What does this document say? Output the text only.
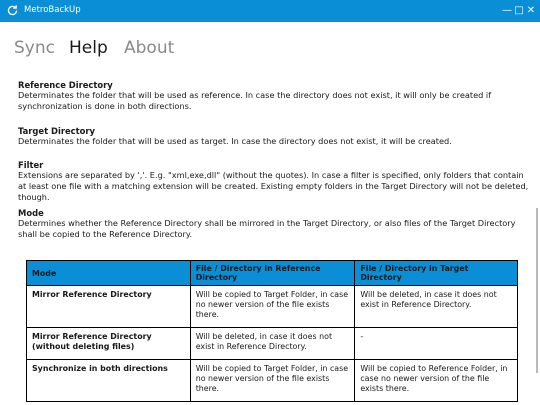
MetroBackUp	— □ ✕
Sync Help About
Reference Directory
Determinates the folder that will be used as reference. In case the directory does not exist, it will only be created if synchronization is done in both directions.
Target Directory
Determinates the folder that will be used as target. In case the directory does not exist, it will be created.
Filter
Extensions are separated by ','. E.g. "xml,exe,dll" (without the quotes). In case a filter is specified, only folders that contain at least one file with a matching extension will be created. Existing empty folders in the Target Directory will not be deleted, though.
Mode
Determines whether the Reference Directory shall be mirrored in the Target Directory, or also files of the Target Directory shall be copied to the Reference Directory.
Mode	File / Directory in Reference Directory	File / Directory in Target Directory
Mirror Reference Directory	Will be copied to Target Folder, in case no newer version of the file exists there.	Will be deleted, in case it does not exist in Reference Directory.
Mirror Reference Directory (without deleting files)	Will be deleted, in case it does not exist in Reference Directory.	-
Synchronize in both directions	Will be copied to Target Folder, in case no newer version of the file exists there.	Will be copied to Reference Folder, in case no newer version of the file exists there.
